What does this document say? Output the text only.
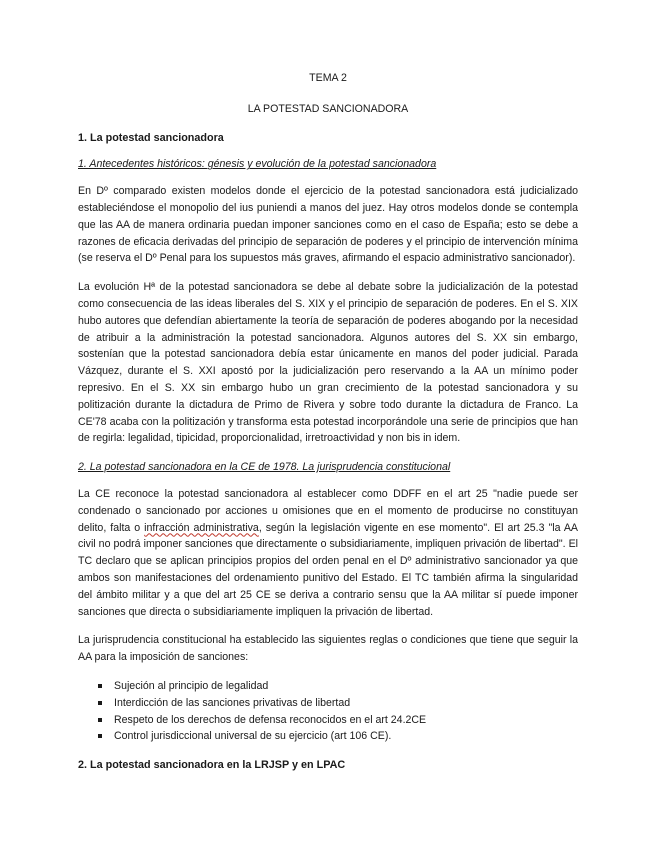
TEMA 2
LA POTESTAD SANCIONADORA
1. La potestad sancionadora
1. Antecedentes históricos: génesis y evolución de la potestad sancionadora

En Dº comparado existen modelos donde el ejercicio de la potestad sancionadora está judicializado estableciéndose el monopolio del ius puniendi a manos del juez. Hay otros modelos donde se contempla que las AA de manera ordinaria puedan imponer sanciones como en el caso de España; esto se debe a razones de eficacia derivadas del principio de separación de poderes y el principio de intervención mínima (se reserva el Dº Penal para los supuestos más graves, afirmando el espacio administrativo sancionador).

La evolución Hª de la potestad sancionadora se debe al debate sobre la judicialización de la potestad como consecuencia de las ideas liberales del S. XIX y el principio de separación de poderes. En el S. XIX hubo autores que defendían abiertamente la teoría de separación de poderes abogando por la necesidad de atribuir a la administración la potestad sancionadora. Algunos autores del S. XX sin embargo, sostenían que la potestad sancionadora debía estar únicamente en manos del poder judicial. Parada Vázquez, durante el S. XXI apostó por la judicialización pero reservando a la AA un mínimo poder represivo. En el S. XX sin embargo hubo un gran crecimiento de la potestad sancionadora y su politización durante la dictadura de Primo de Rivera y sobre todo durante la dictadura de Franco. La CE'78 acaba con la politización y transforma esta potestad incorporándole una serie de principios que han de regirla: legalidad, tipicidad, proporcionalidad, irretroactividad y non bis in idem.

2. La potestad sancionadora en la CE de 1978. La jurisprudencia constitucional

La CE reconoce la potestad sancionadora al establecer como DDFF en el art 25 "nadie puede ser condenado o sancionado por acciones u omisiones que en el momento de producirse no constituyan delito, falta o infracción administrativa, según la legislación vigente en ese momento". El art 25.3 "la AA civil no podrá imponer sanciones que directamente o subsidiariamente, impliquen privación de libertad". El TC declaro que se aplican principios propios del orden penal en el Dº administrativo sancionador ya que ambos son manifestaciones del ordenamiento punitivo del Estado. El TC también afirma la singularidad del ámbito militar y a que del art 25 CE se deriva a contrario sensu que la AA militar sí puede imponer sanciones que directa o subsidiariamente impliquen la privación de libertad.

La jurisprudencia constitucional ha establecido las siguientes reglas o condiciones que tiene que seguir la AA para la imposición de sanciones:

Sujeción al principio de legalidad
Interdicción de las sanciones privativas de libertad
Respeto de los derechos de defensa reconocidos en el art 24.2CE
Control jurisdiccional universal de su ejercicio (art 106 CE).
2. La potestad sancionadora en la LRJSP y en LPAC
